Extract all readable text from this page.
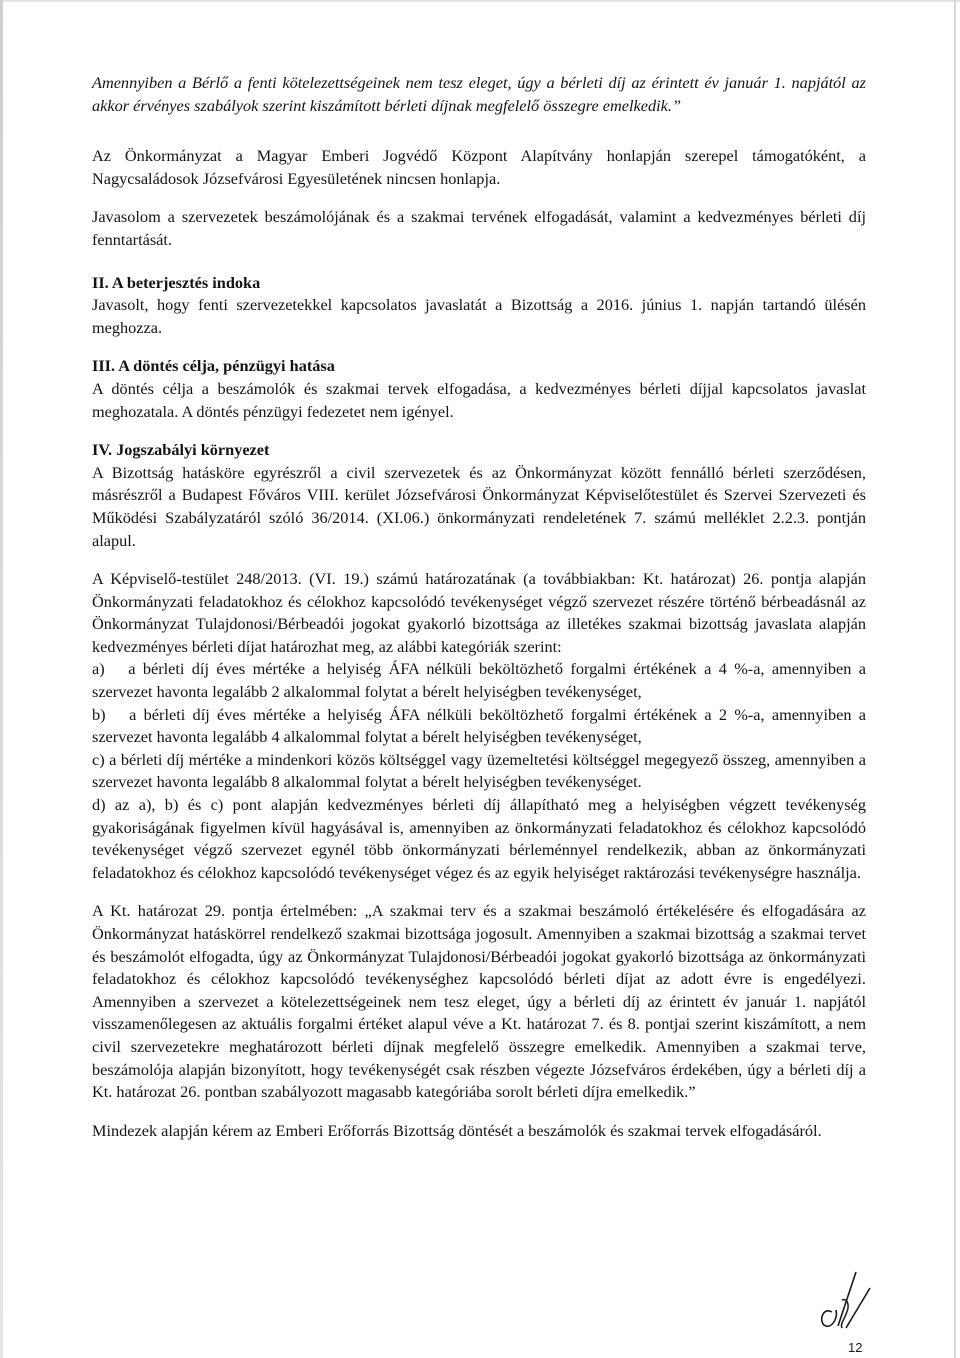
Amennyiben a Bérlő a fenti kötelezettségeinek nem tesz eleget, úgy a bérleti díj az érintett év január 1. napjától az akkor érvényes szabályok szerint kiszámított bérleti díjnak megfelelő összegre emelkedik.”

Az Önkormányzat a Magyar Emberi Jogvédő Központ Alapítvány honlapján szerepel támogatóként, a Nagycsaládosok Józsefvárosi Egyesületének nincsen honlapja.

Javasolom a szervezetek beszámolójának és a szakmai tervének elfogadását, valamint a kedvezményes bérleti díj fenntartását.

II. A beterjesztés indoka

Javasolt, hogy fenti szervezetekkel kapcsolatos javaslatát a Bizottság a 2016. június 1. napján tartandó ülésén meghozza.

III. A döntés célja, pénzügyi hatása

A döntés célja a beszámolók és szakmai tervek elfogadása, a kedvezményes bérleti díjjal kapcsolatos javaslat meghozatala. A döntés pénzügyi fedezetet nem igényel.

IV. Jogszabályi környezet

A Bizottság hatásköre egyrészről a civil szervezetek és az Önkormányzat között fennálló bérleti szerződésen, másrészről a Budapest Főváros VIII. kerület Józsefvárosi Önkormányzat Képviselőtestület és Szervei Szervezeti és Működési Szabályzatáról szóló 36/2014. (XI.06.) önkormányzati rendeletének 7. számú melléklet 2.2.3. pontján alapul.

A Képviselő-testület 248/2013. (VI. 19.) számú határozatának (a továbbiakban: Kt. határozat) 26. pontja alapján Önkormányzati feladatokhoz és célokhoz kapcsolódó tevékenységet végző szervezet részére történő bérbeadásnál az Önkormányzat Tulajdonosi/Bérbeadói jogokat gyakorló bizottsága az illetékes szakmai bizottság javaslata alapján kedvezményes bérleti díjat határozhat meg, az alábbi kategóriák szerint:

a)  a bérleti díj éves mértéke a helyiség ÁFA nélküli beköltözhető forgalmi értékének a 4 %-a, amennyiben a szervezet havonta legalább 2 alkalommal folytat a bérelt helyiségben tevékenységet,

b)  a bérleti díj éves mértéke a helyiség ÁFA nélküli beköltözhető forgalmi értékének a 2 %-a, amennyiben a szervezet havonta legalább 4 alkalommal folytat a bérelt helyiségben tevékenységet,

c) a bérleti díj mértéke a mindenkori közös költséggel vagy üzemeltetési költséggel megegyező összeg, amennyiben a szervezet havonta legalább 8 alkalommal folytat a bérelt helyiségben tevékenységet.

d) az a), b) és c) pont alapján kedvezményes bérleti díj állapítható meg a helyiségben végzett tevékenység gyakoriságának figyelmen kívül hagyásával is, amennyiben az önkormányzati feladatokhoz és célokhoz kapcsolódó tevékenységet végző szervezet egynél több önkormányzati bérleménnyel rendelkezik, abban az önkormányzati feladatokhoz és célokhoz kapcsolódó tevékenységet végez és az egyik helyiséget raktározási tevékenységre használja.

A Kt. határozat 29. pontja értelmében: „A szakmai terv és a szakmai beszámoló értékelésére és elfogadására az Önkormányzat hatáskörrel rendelkező szakmai bizottsága jogosult. Amennyiben a szakmai bizottság a szakmai tervet és beszámolót elfogadta, úgy az Önkormányzat Tulajdonosi/Bérbeadói jogokat gyakorló bizottsága az önkormányzati feladatokhoz és célokhoz kapcsolódó tevékenységhez kapcsolódó bérleti díjat az adott évre is engedélyezi. Amennyiben a szervezet a kötelezettségeinek nem tesz eleget, úgy a bérleti díj az érintett év január 1. napjától visszamenőlegesen az aktuális forgalmi értéket alapul véve a Kt. határozat 7. és 8. pontjai szerint kiszámított, a nem civil szervezetekre meghatározott bérleti díjnak megfelelő összegre emelkedik. Amennyiben a szakmai terve, beszámolója alapján bizonyított, hogy tevékenységét csak részben végezte Józsefváros érdekében, úgy a bérleti díj a Kt. határozat 26. pontban szabályozott magasabb kategóriába sorolt bérleti díjra emelkedik.”

Mindezek alapján kérem az Emberi Erőforrás Bizottság döntését a beszámolók és szakmai tervek elfogadásáról.

12
